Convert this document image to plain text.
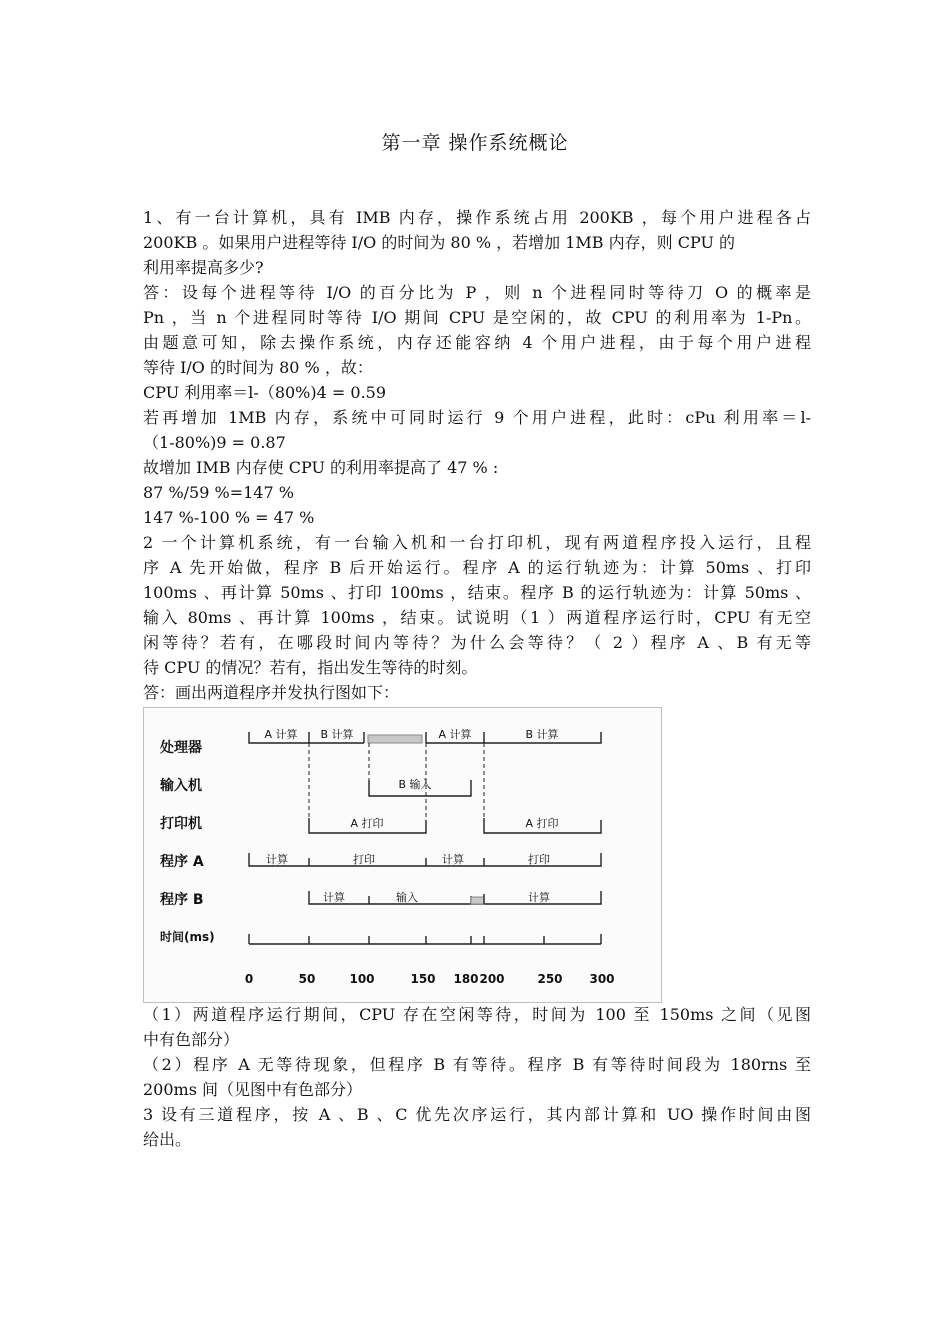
第一章 操作系统概论
1、有一台计算机，具有 IMB 内存，操作系统占用 200KB ，每个用户进程各占
200KB 。如果用户进程等待 I/O 的时间为 80 % ，若增加 1MB 内存，则 CPU 的
利用率提高多少?
答：设每个进程等待 I/O 的百分比为 P ，则 n 个进程同时等待刀 O 的概率是
Pn ，当 n 个进程同时等待 I/O 期间 CPU 是空闲的，故 CPU 的利用率为 1-Pn。
由题意可知，除去操作系统，内存还能容纳 4 个用户进程，由于每个用户进程
等待 I/O 的时间为 80 % ，故：
CPU 利用率＝l-（80%)4 = 0.59
若再增加 1MB 内存，系统中可同时运行 9 个用户进程，此时：cPu 利用率＝l-
（1-80%)9 = 0.87
故增加 IMB 内存使 CPU 的利用率提高了 47 % :
87 %/59 %=147 %
147 %-100 % = 47 %
2 一个计算机系统，有一台输入机和一台打印机，现有两道程序投入运行，且程
序 A 先开始做，程序 B 后开始运行。程序 A 的运行轨迹为：计算 50ms 、打印
100ms 、再计算 50ms 、打印 100ms ，结束。程序 B 的运行轨迹为：计算 50ms 、
输入 80ms 、再计算 100ms ，结束。试说明（1 ）两道程序运行时，CPU 有无空
闲等待？若有，在哪段时间内等待？为什么会等待？（ 2 ）程序 A 、B 有无等
待 CPU 的情况？若有，指出发生等待的时刻。
答：画出两道程序并发执行图如下：
处理器
输入机
打印机
程序 A
程序 B
时间(ms)
A 计算 B 计算	A 计算	B 计算
B 输入
A 打印	A 打印
计算	打印	计算	打印
计算	输入	计算
0	50	100	150 180 200	250 300
（1）两道程序运行期间，CPU 存在空闲等待，时间为 100 至 150ms 之间（见图
中有色部分）
（2）程序 A 无等待现象，但程序 B 有等待。程序 B 有等待时间段为 180rns 至
200ms 间（见图中有色部分）
3 设有三道程序，按 A 、B 、C 优先次序运行，其内部计算和 UO 操作时间由图
给出。
